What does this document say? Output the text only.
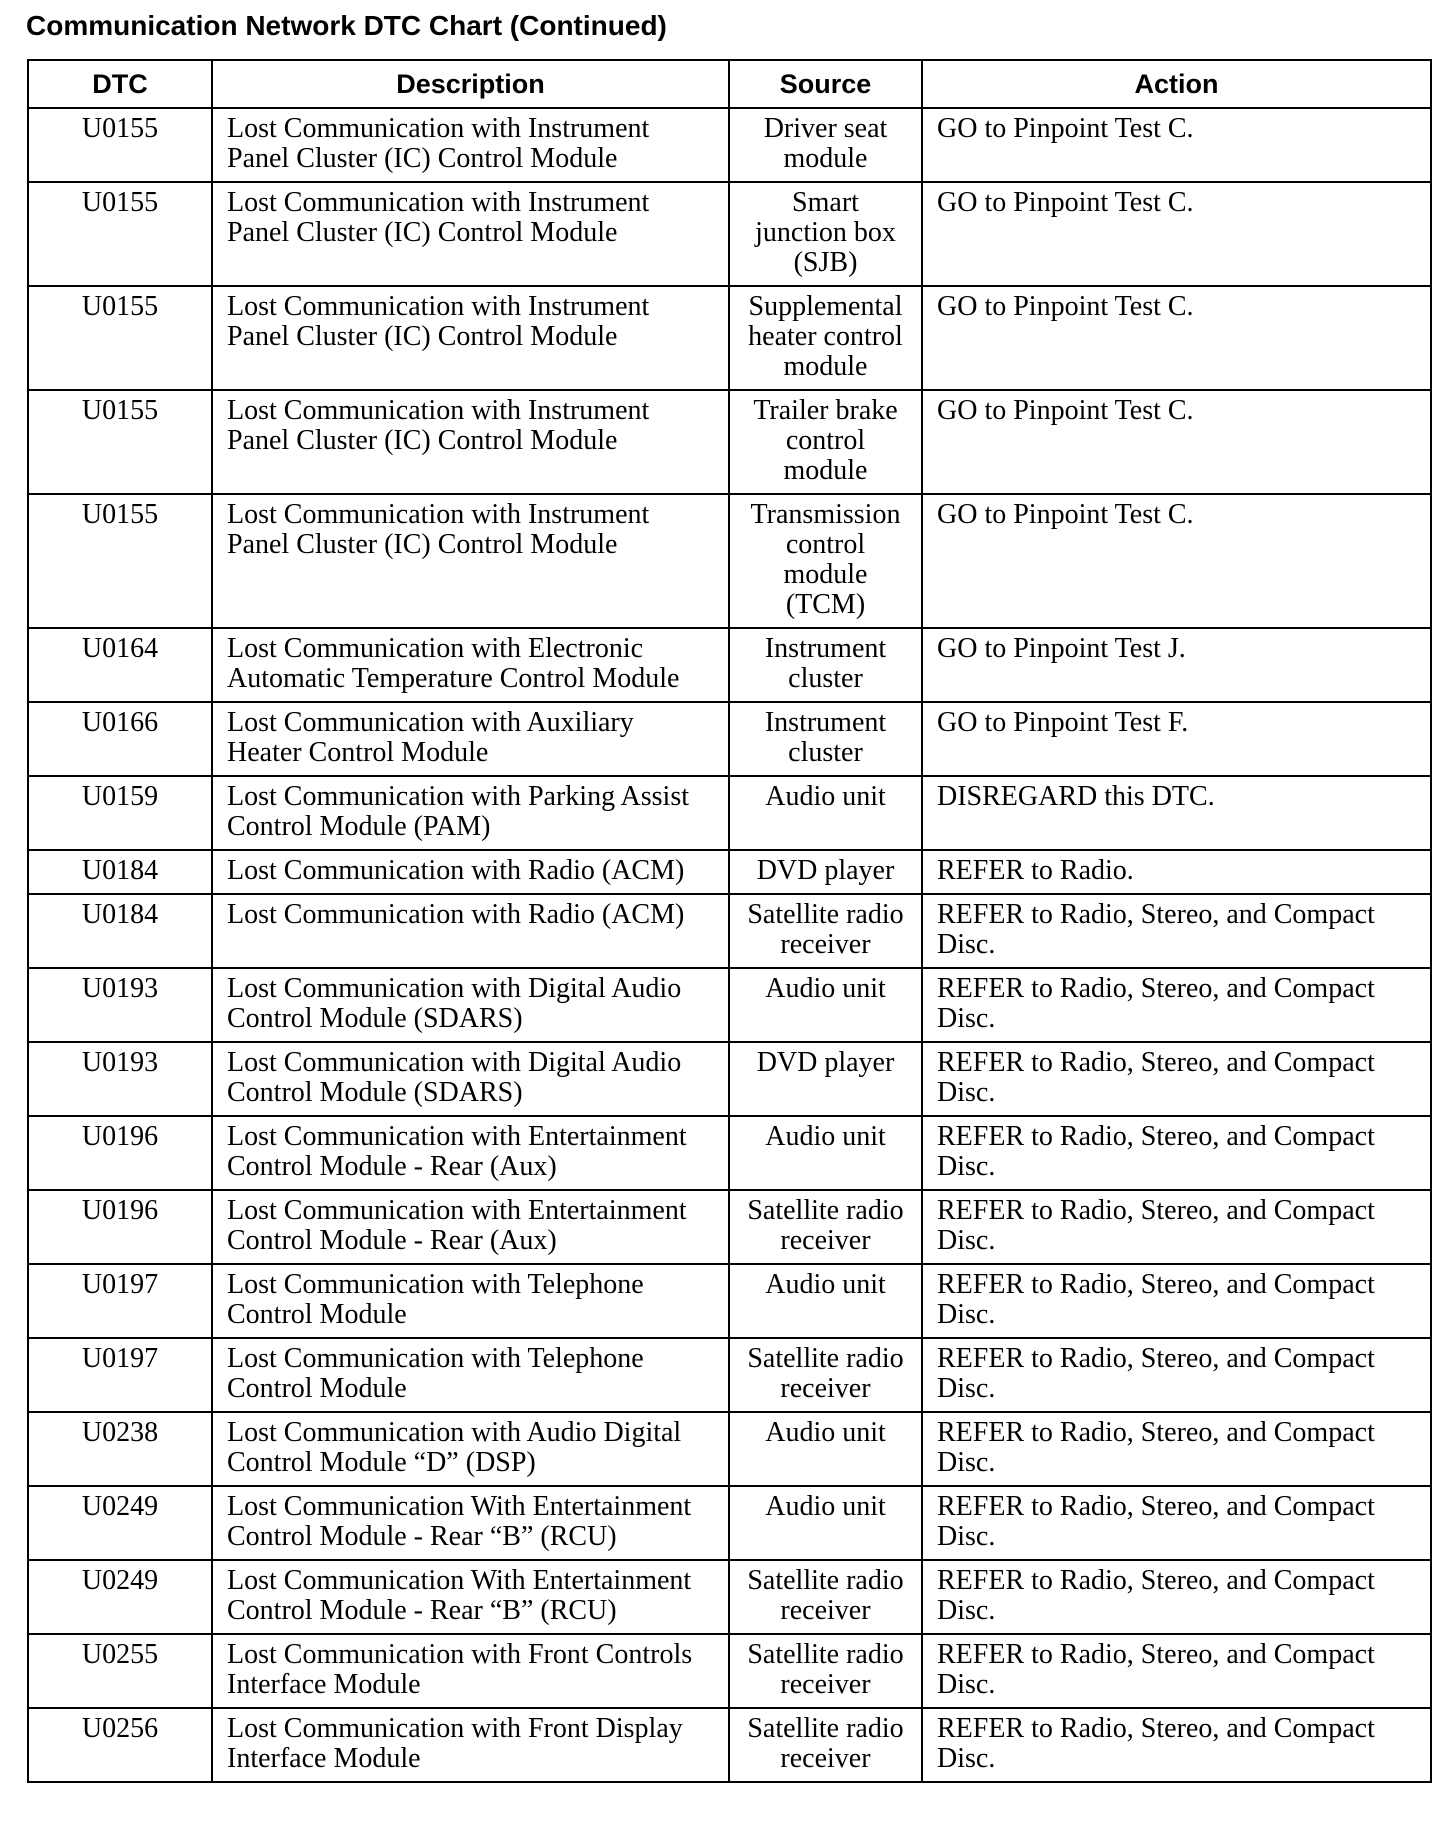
Communication Network DTC Chart (Continued)
DTC	Description	Source	Action
U0155	Lost Communication with Instrument Panel Cluster (IC) Control Module	Driver seat module	GO to Pinpoint Test C.
U0155	Lost Communication with Instrument Panel Cluster (IC) Control Module	Smart junction box (SJB)	GO to Pinpoint Test C.
U0155	Lost Communication with Instrument Panel Cluster (IC) Control Module	Supplemental heater control module	GO to Pinpoint Test C.
U0155	Lost Communication with Instrument Panel Cluster (IC) Control Module	Trailer brake control module	GO to Pinpoint Test C.
U0155	Lost Communication with Instrument Panel Cluster (IC) Control Module	Transmission control module (TCM)	GO to Pinpoint Test C.
U0164	Lost Communication with Electronic Automatic Temperature Control Module	Instrument cluster	GO to Pinpoint Test J.
U0166	Lost Communication with Auxiliary Heater Control Module	Instrument cluster	GO to Pinpoint Test F.
U0159	Lost Communication with Parking Assist Control Module (PAM)	Audio unit	DISREGARD this DTC.
U0184	Lost Communication with Radio (ACM)	DVD player	REFER to Radio.
U0184	Lost Communication with Radio (ACM)	Satellite radio receiver	REFER to Radio, Stereo, and Compact Disc.
U0193	Lost Communication with Digital Audio Control Module (SDARS)	Audio unit	REFER to Radio, Stereo, and Compact Disc.
U0193	Lost Communication with Digital Audio Control Module (SDARS)	DVD player	REFER to Radio, Stereo, and Compact Disc.
U0196	Lost Communication with Entertainment Control Module - Rear (Aux)	Audio unit	REFER to Radio, Stereo, and Compact Disc.
U0196	Lost Communication with Entertainment Control Module - Rear (Aux)	Satellite radio receiver	REFER to Radio, Stereo, and Compact Disc.
U0197	Lost Communication with Telephone Control Module	Audio unit	REFER to Radio, Stereo, and Compact Disc.
U0197	Lost Communication with Telephone Control Module	Satellite radio receiver	REFER to Radio, Stereo, and Compact Disc.
U0238	Lost Communication with Audio Digital Control Module “D” (DSP)	Audio unit	REFER to Radio, Stereo, and Compact Disc.
U0249	Lost Communication With Entertainment Control Module - Rear “B” (RCU)	Audio unit	REFER to Radio, Stereo, and Compact Disc.
U0249	Lost Communication With Entertainment Control Module - Rear “B” (RCU)	Satellite radio receiver	REFER to Radio, Stereo, and Compact Disc.
U0255	Lost Communication with Front Controls Interface Module	Satellite radio receiver	REFER to Radio, Stereo, and Compact Disc.
U0256	Lost Communication with Front Display Interface Module	Satellite radio receiver	REFER to Radio, Stereo, and Compact Disc.
